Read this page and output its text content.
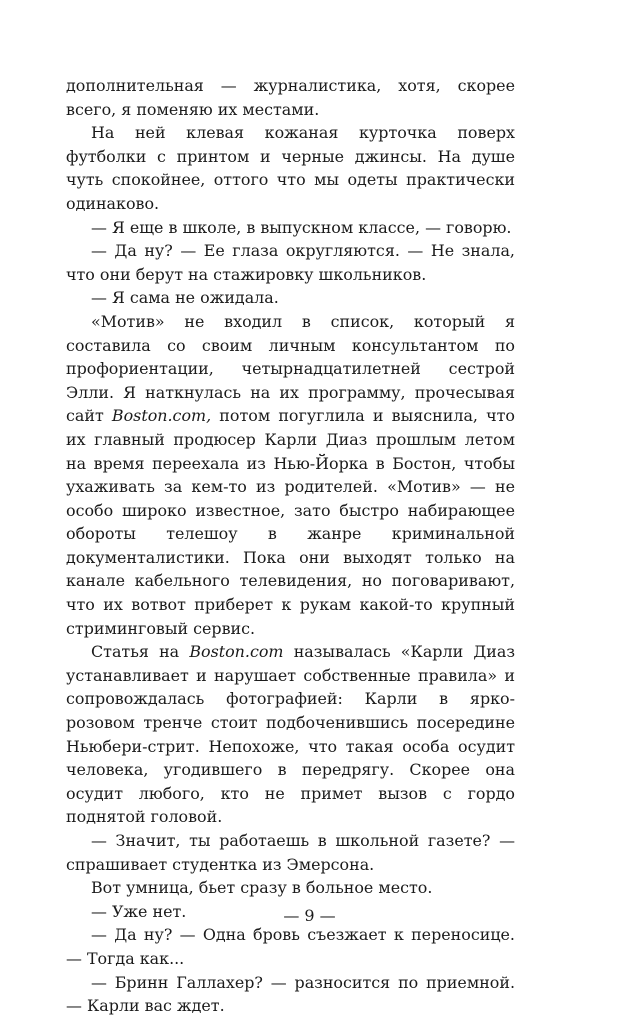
дополнительная — журналистика, хотя, скорее всего, я поменяю их местами.

На ней клевая кожаная курточка поверх футболки с принтом и черные джинсы. На душе чуть спокойнее, оттого что мы одеты практически одинаково.

— Я еще в школе, в выпускном классе, — говорю.

— Да ну? — Ее глаза округляются. — Не знала, что они берут на стажировку школьников.

— Я сама не ожидала.

«Мотив» не входил в список, который я составила со своим личным консультантом по профориентации, четырнадцатилетней сестрой Элли. Я наткнулась на их программу, прочесывая сайт Boston.com, потом погуглила и выяснила, что их главный продюсер Карли Диаз прошлым летом на время переехала из Нью-Йорка в Бостон, чтобы ухаживать за кем-то из родителей. «Мотив» — не особо широко известное, зато быстро набирающее обороты телешоу в жанре криминальной документалистики. Пока они выходят только на канале кабельного телевидения, но поговаривают, что их вотвот приберет к рукам какой-то крупный стриминговый сервис.

Статья на Boston.com называлась «Карли Диаз устанавливает и нарушает собственные правила» и сопровождалась фотографией: Карли в ярко-розовом тренче стоит подбоченившись посередине Ньюбери-стрит. Непохоже, что такая особа осудит человека, угодившего в передрягу. Скорее она осудит любого, кто не примет вызов с гордо поднятой головой.

— Значит, ты работаешь в школьной газете? — спрашивает студентка из Эмерсона.

Вот умница, бьет сразу в больное место.

— Уже нет.

— Да ну? — Одна бровь съезжает к переносице. — Тогда как...

— Бринн Галлахер? — разносится по приемной. — Карли вас ждет.

— 9 —
